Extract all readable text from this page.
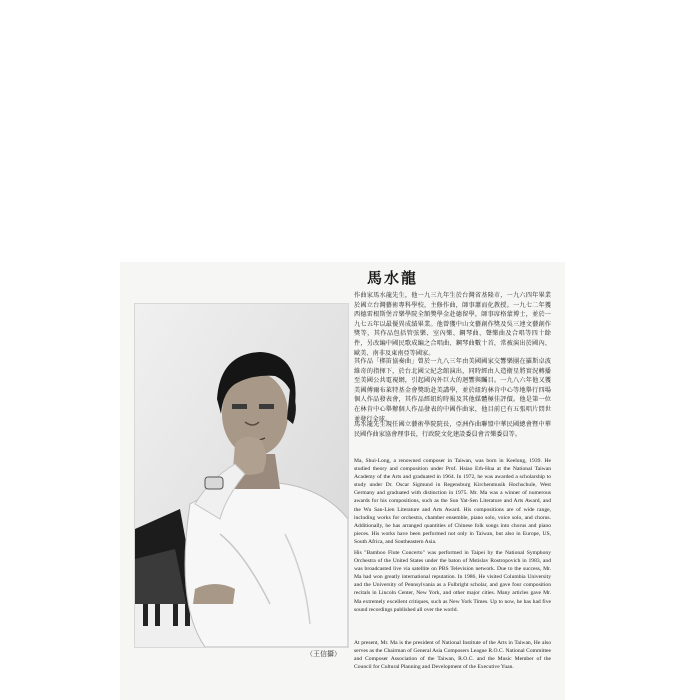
（王信攝）
馬水龍

作曲家馬水龍先生，他一九三九年生於台灣省基隆市，一九六四年畢業於國立台灣藝術專科學校，主修作曲，師事蕭而化教授。一九七二年獲西德雷根斯堡音樂學院全額獎學金赴德留學，師事席格蒙博士，並於一九七五年以最優異成績畢業。他曾獲中山文藝創作獎及吳三連文藝創作獎等，其作品包括管弦樂、室內樂、鋼琴曲、聲樂曲及合唱等四十餘件，另改編中國民歌成編之合唱曲、鋼琴曲數十首，常被演出於國內、歐美、南非及東南亞等國家。

其作品「梆笛協奏曲」曾於一九八三年由美國國家交響樂團在羅斯卓波維奇的指揮下，於台北國父紀念館演出，同時經由人造衛星將實況轉播至美國公共電視網，引起國內外巨大的迴響與矚目。一九八六年他又獲美國傅爾布萊特基金會獎助赴美講學，並於紐約林肯中心等地舉行四場個人作品發表會，其作品經紐約時報及其他媒體極佳評價。他是第一位在林肯中心舉辦個人作品發表的中國作曲家，他目前已有五張唱片問世並發行全球。

馬水龍先生現任國立藝術學院院長，亞洲作曲聯盟中華民國總會暨中華民國作曲家協會理事長，行政院文化建設委員會音樂委員等。

Ma, Shui-Long, a renowned composer in Taiwan, was born in Keelung, 1939. He studied theory and composition under Prof. Hsiao Erh-Hua at the National Taiwan Academy of the Arts and graduated in 1964. In 1972, he was awarded a scholarship to study under Dr. Oscar Sigmund in Regensburg Kirchenmusik Hochschule, West Germany and graduated with distinction in 1975. Mr. Ma was a winner of numerous awards for his compositions, such as the Sun Yat-Sen Literature and Arts Award, and the Wu San-Lien Literature and Arts Award. His compositions are of wide range, including works for orchestra, chamber ensemble, piano solo, voice solo, and chorus. Additionally, he has arranged quantities of Chinese folk songs into chorus and piano pieces. His works have been performed not only in Taiwan, but also in Europe, US, South Africa, and Southeastern Asia.

His "Bamboo Flute Concerto" was performed in Taipei by the National Symphony Orchestra of the United States under the baton of Mstislav Rostropovich in 1983, and was broadcasted live via satellite on PBS Television network. Due to the success, Mr. Ma had won greatly international reputation. In 1986, He visited Columbia University and the University of Pennsylvania as a Fulbright scholar, and gave four composition recitals in Lincoln Center, New York, and other major cities. Many articles gave Mr. Ma extremely excellent critiques, such as New York Times. Up to now, he has had five sound recordings published all over the world.

At present, Mr. Ma is the president of National Institute of the Arts in Taiwan, He also serves as the Chairman of General Asia Composers League R.O.C. National Committee and Composer Association of the Taiwan, R.O.C. and the Music Member of the Council for Cultural Planning and Development of the Executive Yuan.
